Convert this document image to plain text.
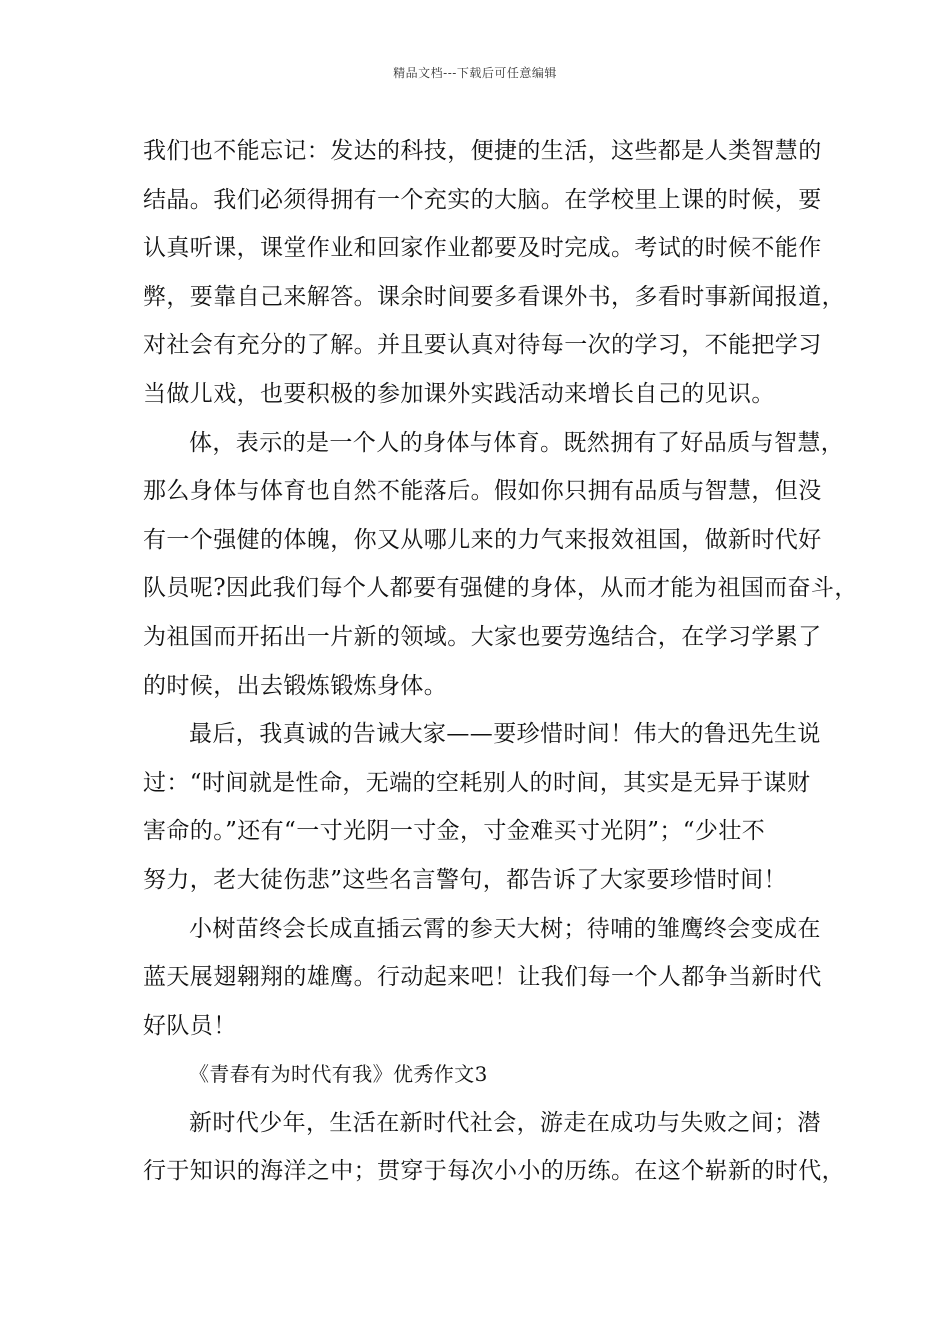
精品文档---下载后可任意编辑
我们也不能忘记：发达的科技，便捷的生活，这些都是人类智慧的
结晶。我们必须得拥有一个充实的大脑。在学校里上课的时候，要
认真听课，课堂作业和回家作业都要及时完成。考试的时候不能作
弊，要靠自己来解答。课余时间要多看课外书，多看时事新闻报道，
对社会有充分的了解。并且要认真对待每一次的学习，不能把学习
当做儿戏，也要积极的参加课外实践活动来增长自己的见识。
体，表示的是一个人的身体与体育。既然拥有了好品质与智慧，
那么身体与体育也自然不能落后。假如你只拥有品质与智慧，但没
有一个强健的体魄，你又从哪儿来的力气来报效祖国，做新时代好
队员呢?因此我们每个人都要有强健的身体，从而才能为祖国而奋斗，
为祖国而开拓出一片新的领域。大家也要劳逸结合，在学习学累了
的时候，出去锻炼锻炼身体。
最后，我真诚的告诫大家——要珍惜时间！伟大的鲁迅先生说
过：“时间就是性命，无端的空耗别人的时间，其实是无异于谋财
害命的。”还有“一寸光阴一寸金，寸金难买寸光阴”；“少壮不
努力，老大徒伤悲”这些名言警句，都告诉了大家要珍惜时间！
小树苗终会长成直插云霄的参天大树；待哺的雏鹰终会变成在
蓝天展翅翱翔的雄鹰。行动起来吧！让我们每一个人都争当新时代
好队员！
《青春有为时代有我》优秀作文3
新时代少年，生活在新时代社会，游走在成功与失败之间；潜
行于知识的海洋之中；贯穿于每次小小的历练。在这个崭新的时代，
